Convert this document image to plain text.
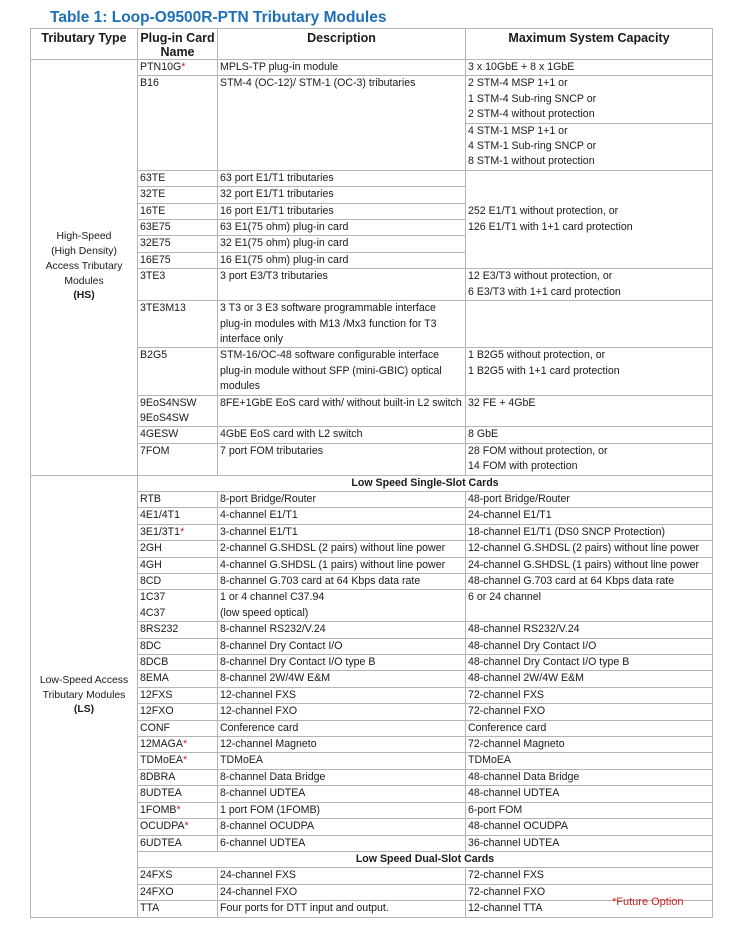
Table 1: Loop-O9500R-PTN Tributary Modules
Tributary Type	Plug-in Card Name	Description	Maximum System Capacity

High-Speed
(High Density)
Access Tributary
Modules
(HS)	PTN10G*	MPLS-TP plug-in module	3 x 10GbE + 8 x 1GbE

	B16	STM-4 (OC-12)/ STM-1 (OC-3) tributaries	2 STM-4 MSP 1+1 or
1 STM-4 Sub-ring SNCP or
2 STM-4 without protection

			4 STM-1 MSP 1+1 or
4 STM-1 Sub-ring SNCP or
8 STM-1 without protection

	63TE	63 port E1/T1 tributaries	252 E1/T1 without protection, or
126 E1/T1 with 1+1 card protection

	32TE	32 port E1/T1 tributaries	

	16TE	16 port E1/T1 tributaries	

	63E75	63 E1(75 ohm) plug-in card	

	32E75	32 E1(75 ohm) plug-in card	

	16E75	16 E1(75 ohm) plug-in card	

	3TE3	3 port E3/T3 tributaries	12 E3/T3 without protection, or
6 E3/T3 with 1+1 card protection

	3TE3M13	3 T3 or 3 E3 software programmable interface
plug-in modules with M13 /Mx3 function for T3
interface only	

	B2G5	STM-16/OC-48 software configurable interface
plug-in module without SFP (mini-GBIC) optical
modules	1 B2G5 without protection, or
1 B2G5 with 1+1 card protection

	9EoS4NSW
9EoS4SW	8FE+1GbE EoS card with/ without built-in L2 switch	32 FE + 4GbE

	4GESW	4GbE EoS card with L2 switch	8 GbE

	7FOM	7 port FOM tributaries	28 FOM without protection, or
14 FOM with protection

Low-Speed Access
Tributary Modules
(LS)	Low Speed Single-Slot Cards		

	RTB	8-port Bridge/Router	48-port Bridge/Router

	4E1/4T1	4-channel E1/T1	24-channel E1/T1

	3E1/3T1*	3-channel E1/T1	18-channel E1/T1 (DS0 SNCP Protection)

	2GH	2-channel G.SHDSL (2 pairs) without line power	12-channel G.SHDSL (2 pairs) without line power

	4GH	4-channel G.SHDSL (1 pairs) without line power	24-channel G.SHDSL (1 pairs) without line power

	8CD	8-channel G.703 card at 64 Kbps data rate	48-channel G.703 card at 64 Kbps data rate

	1C37
4C37	1 or 4 channel C37.94
(low speed optical)	6 or 24 channel

	8RS232	8-channel RS232/V.24	48-channel RS232/V.24

	8DC	8-channel Dry Contact I/O	48-channel Dry Contact I/O

	8DCB	8-channel Dry Contact I/O type B	48-channel Dry Contact I/O type B

	8EMA	8-channel 2W/4W E&M	48-channel 2W/4W E&M

	12FXS	12-channel FXS	72-channel FXS

	12FXO	12-channel FXO	72-channel FXO

	CONF	Conference card	Conference card

	12MAGA*	12-channel Magneto	72-channel Magneto

	TDMoEA*	TDMoEA	TDMoEA

	8DBRA	8-channel Data Bridge	48-channel Data Bridge

	8UDTEA	8-channel UDTEA	48-channel UDTEA

	1FOMB*	1 port FOM (1FOMB)	6-port FOM

	OCUDPA*	8-channel OCUDPA	48-channel OCUDPA

	6UDTEA	6-channel UDTEA	36-channel UDTEA

	Low Speed Dual-Slot Cards		

	24FXS	24-channel FXS	72-channel FXS

	24FXO	24-channel FXO	72-channel FXO

	TTA	Four ports for DTT input and output.	12-channel TTA
*Future Option
